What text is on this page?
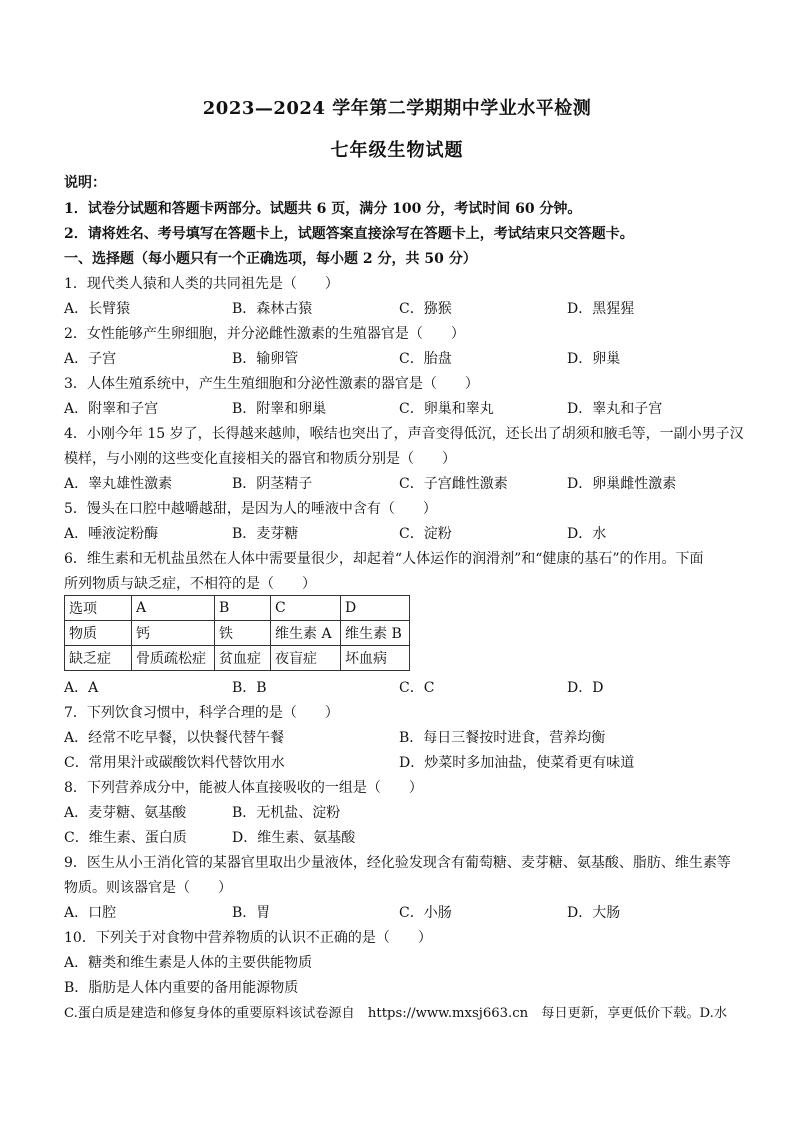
2023—2024 学年第二学期期中学业水平检测
七年级生物试题
说明：
1．试卷分试题和答题卡两部分。试题共 6 页，满分 100 分，考试时间 60 分钟。
2．请将姓名、考号填写在答题卡上，试题答案直接涂写在答题卡上，考试结束只交答题卡。
一、选择题（每小题只有一个正确选项，每小题 2 分，共 50 分）
1．现代类人猿和人类的共同祖先是（　　）
A．长臂猿	B．森林古猿	C．猕猴	D．黑猩猩
2．女性能够产生卵细胞，并分泌雌性激素的生殖器官是（　　）
A．子宫	B．输卵管	C．胎盘	D．卵巢
3．人体生殖系统中，产生生殖细胞和分泌性激素的器官是（　　）
A．附睾和子宫	B．附睾和卵巢	C．卵巢和睾丸	D．睾丸和子宫
4．小刚今年 15 岁了，长得越来越帅，喉结也突出了，声音变得低沉，还长出了胡须和腋毛等，一副小男子汉
模样，与小刚的这些变化直接相关的器官和物质分别是（　　）
A．睾丸雄性激素	B．阴茎精子	C．子宫雌性激素	D．卵巢雌性激素
5．馒头在口腔中越嚼越甜，是因为人的唾液中含有（　　）
A．唾液淀粉酶	B．麦芽糖	C．淀粉	D．水
6．维生素和无机盐虽然在人体中需要量很少，却起着“人体运作的润滑剂”和“健康的基石”的作用。下面
所列物质与缺乏症，不相符的是（　　）
选项	A	B	C	D
物质	钙	铁	维生素 A	维生素 B
缺乏症	骨质疏松症	贫血症	夜盲症	坏血病
A．A	B．B	C．C	D．D
7．下列饮食习惯中，科学合理的是（　　）
A．经常不吃早餐，以快餐代替午餐	B．每日三餐按时进食，营养均衡
C．常用果汁或碳酸饮料代替饮用水	D．炒菜时多加油盐，使菜肴更有味道
8．下列营养成分中，能被人体直接吸收的一组是（　　）
A．麦芽糖、氨基酸	B．无机盐、淀粉
C．维生素、蛋白质	D．维生素、氨基酸
9．医生从小王消化管的某器官里取出少量液体，经化验发现含有葡萄糖、麦芽糖、氨基酸、脂肪、维生素等
物质。则该器官是（　　）
A．口腔	B．胃	C．小肠	D．大肠
10．下列关于对食物中营养物质的认识不正确的是（　　）
A．糖类和维生素是人体的主要供能物质
B．脂肪是人体内重要的备用能源物质
C.蛋白质是建造和修复身体的重要原料该试卷源自　https://www.mxsj663.cn　每日更新，享更低价下载。D.水
